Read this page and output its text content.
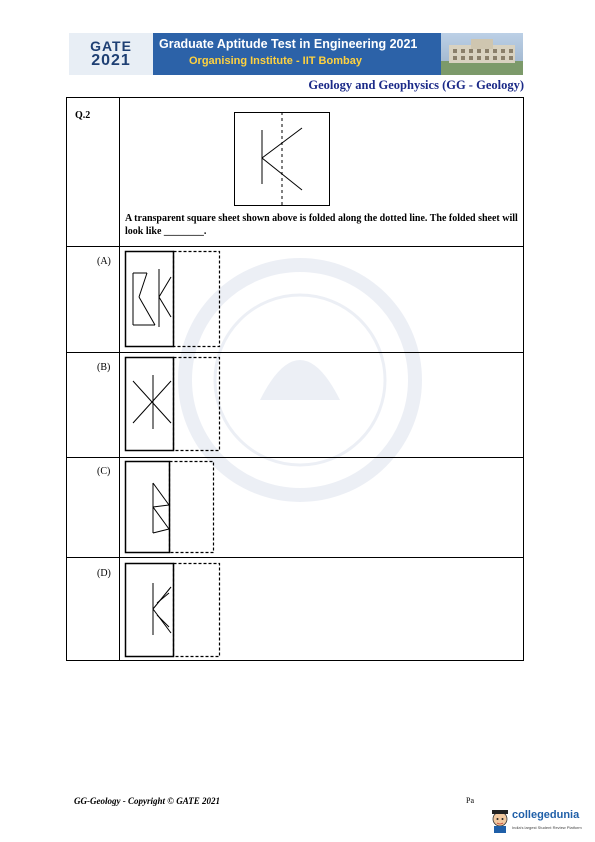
GATE
2021
Graduate Aptitude Test in Engineering 2021
Organising Institute - IIT Bombay
Geology and Geophysics (GG - Geology)
Q.2
A transparent square sheet shown above is folded along the dotted line. The folded sheet will look like ________.
(A)
(B)
(C)
(D)
GG-Geology - Copyright © GATE 2021	Pa
collegedunia
India's largest Student Review Platform
